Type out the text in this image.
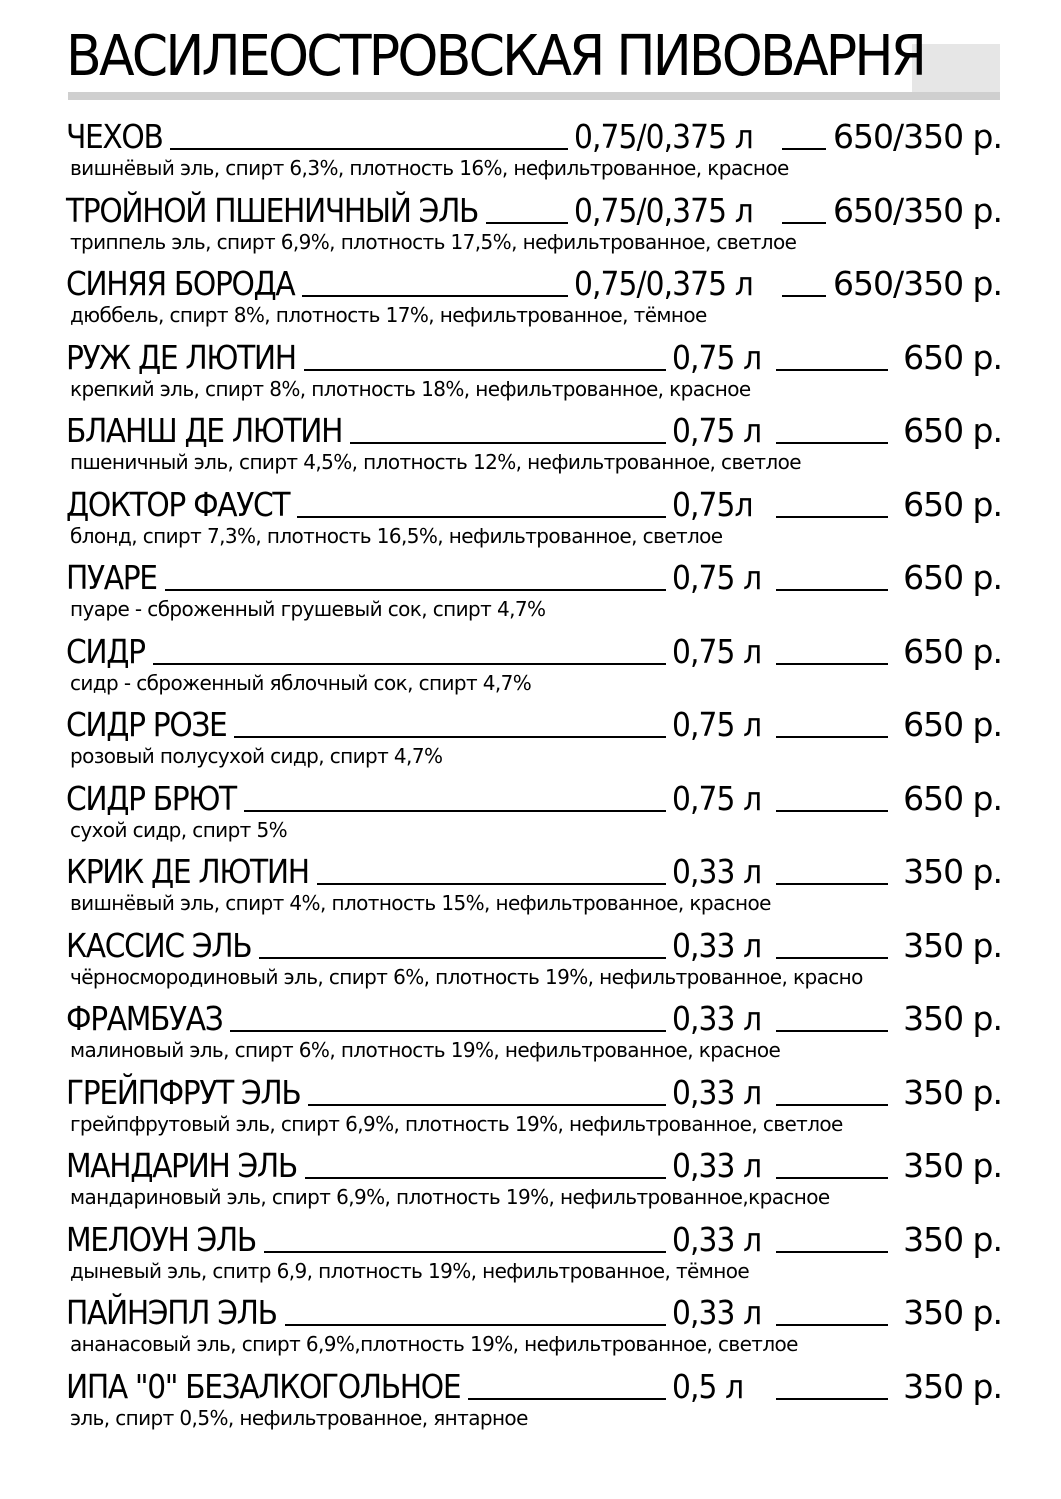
ВАСИЛЕОСТРОВСКАЯ ПИВОВАРНЯ
ЧЕХОВ	0,75/0,375 л 650/350 р.
вишнёвый эль, спирт 6,3%, плотность 16%, нефильтрованное, красное
ТРОЙНОЙ ПШЕНИЧНЫЙ ЭЛЬ	0,75/0,375 л 650/350 р.
триппель эль, спирт 6,9%, плотность 17,5%, нефильтрованное, светлое
СИНЯЯ БОРОДА	0,75/0,375 л 650/350 р.
дюббель, спирт 8%, плотность 17%, нефильтрованное, тёмное
РУЖ ДЕ ЛЮТИН	0,75 л	650 р.
крепкий эль, спирт 8%, плотность 18%, нефильтрованное, красное
БЛАНШ ДЕ ЛЮТИН	0,75 л	650 р.
пшеничный эль, спирт 4,5%, плотность 12%, нефильтрованное, светлое
ДОКТОР ФАУСТ	0,75л	650 р.
блонд, спирт 7,3%, плотность 16,5%, нефильтрованное, светлое
ПУАРЕ	0,75 л	650 р.
пуаре - сброженный грушевый сок, спирт 4,7%
СИДР	0,75 л	650 р.
сидр - сброженный яблочный сок, спирт 4,7%
СИДР РОЗЕ	0,75 л	650 р.
розовый полусухой сидр, спирт 4,7%
СИДР БРЮТ	0,75 л	650 р.
сухой сидр, спирт 5%
КРИК ДЕ ЛЮТИН	0,33 л	350 р.
вишнёвый эль, спирт 4%, плотность 15%, нефильтрованное, красное
КАССИС ЭЛЬ	0,33 л	350 р.
чёрносмородиновый эль, спирт 6%, плотность 19%, нефильтрованное, красно
ФРАМБУАЗ	0,33 л	350 р.
малиновый эль, спирт 6%, плотность 19%, нефильтрованное, красное
ГРЕЙПФРУТ ЭЛЬ	0,33 л	350 р.
грейпфрутовый эль, спирт 6,9%, плотность 19%, нефильтрованное, светлое
МАНДАРИН ЭЛЬ	0,33 л	350 р.
мандариновый эль, спирт 6,9%, плотность 19%, нефильтрованное,красное
МЕЛОУН ЭЛЬ	0,33 л	350 р.
дыневый эль, спитр 6,9, плотность 19%, нефильтрованное, тёмное
ПАЙНЭПЛ ЭЛЬ	0,33 л	350 р.
ананасовый эль, спирт 6,9%,плотность 19%, нефильтрованное, светлое
ИПА "0" БЕЗАЛКОГОЛЬНОЕ	0,5 л	350 р.
эль, спирт 0,5%, нефильтрованное, янтарное
